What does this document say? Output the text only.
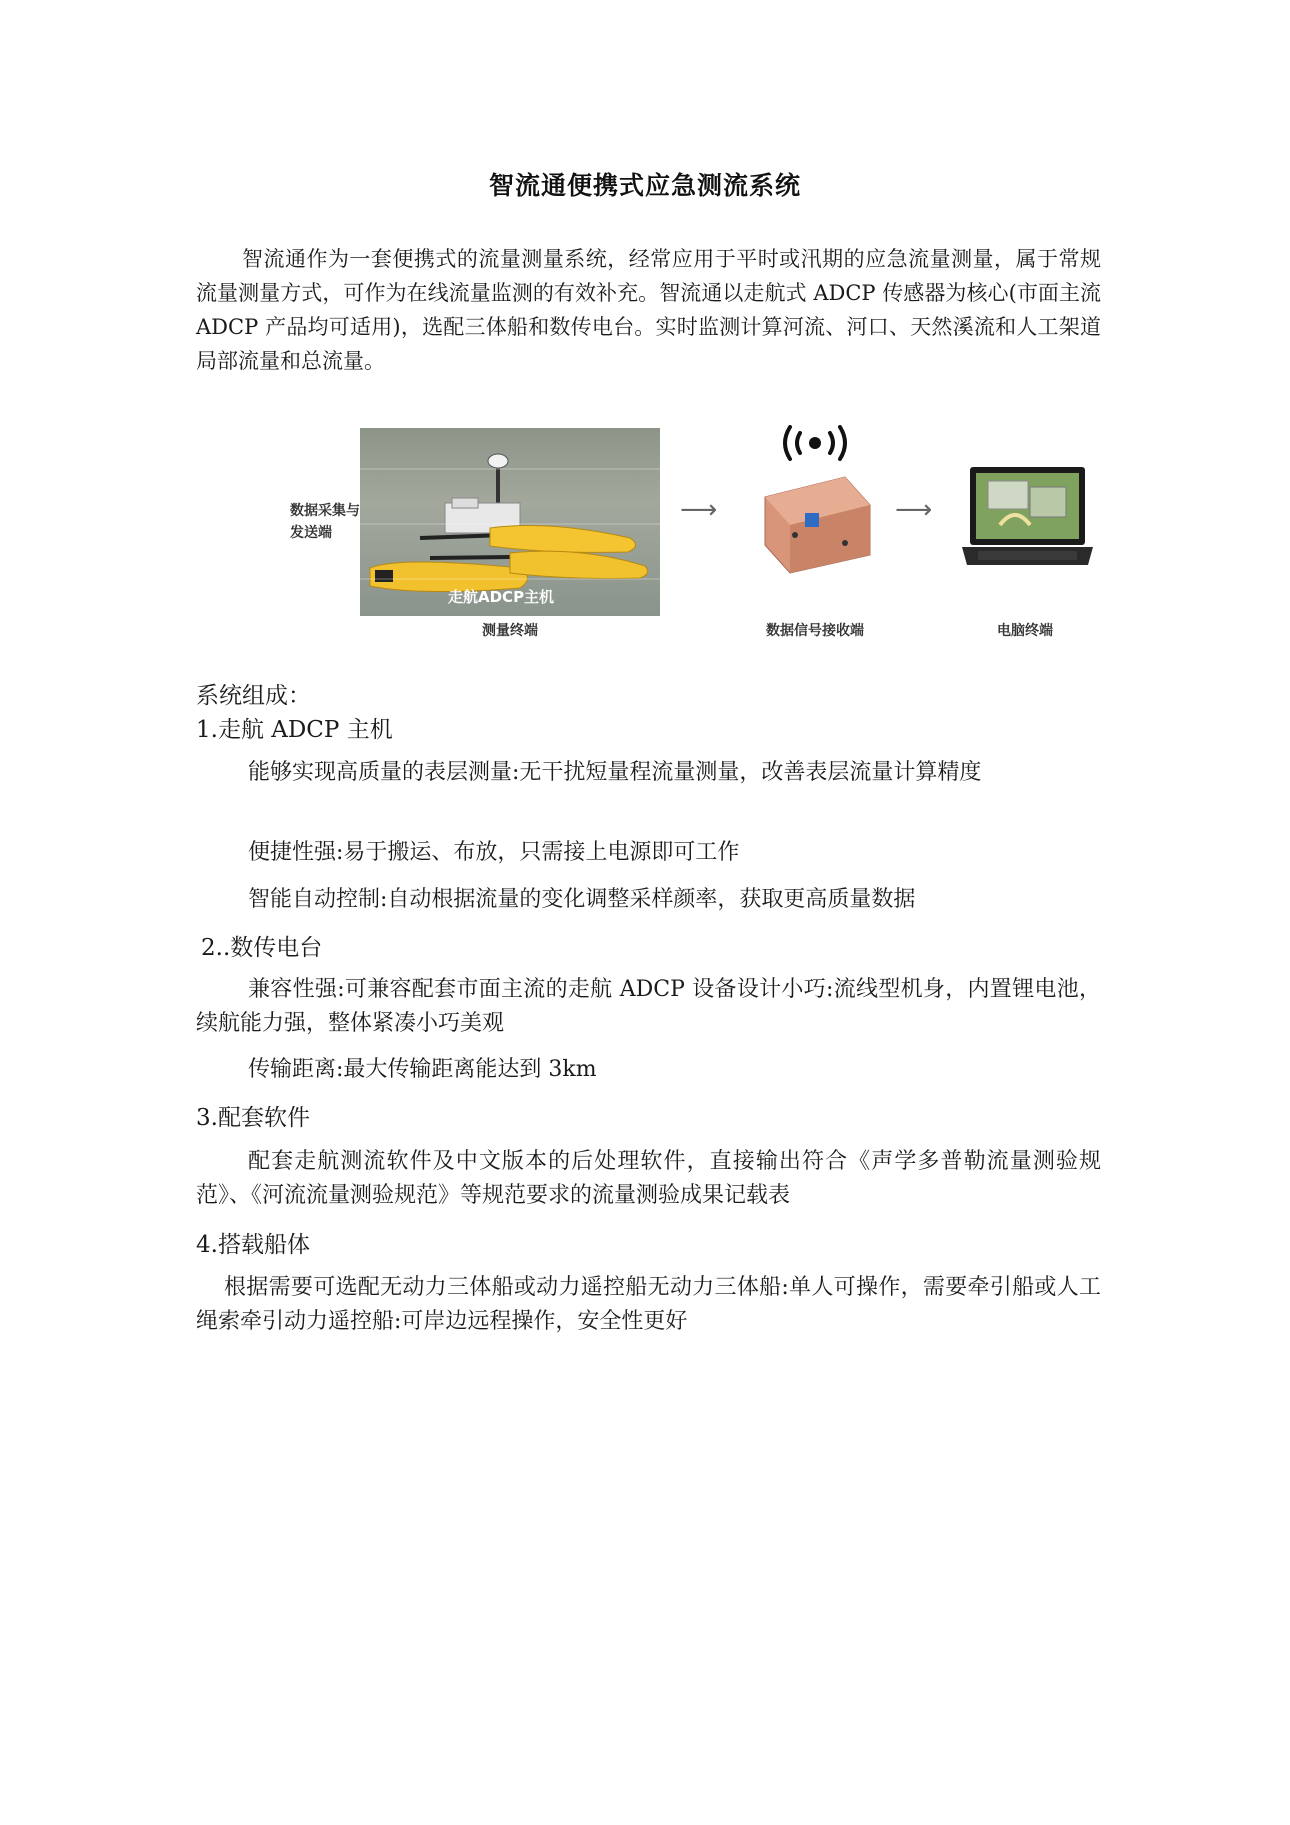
智流通便携式应急测流系统

智流通作为一套便携式的流量测量系统，经常应用于平时或汛期的应急流量测量，属于常规流量测量方式，可作为在线流量监测的有效补充。智流通以走航式 ADCP 传感器为核心(市面主流 ADCP 产品均可适用)，选配三体船和数传电台。实时监测计算河流、河口、天然溪流和人工架道局部流量和总流量。

数据采集与发送端
走航ADCP主机
⟶	⟶
测量终端	数据信号接收端	电脑终端
系统组成：
1.走航 ADCP 主机

能够实现高质量的表层测量:无干扰短量程流量测量，改善表层流量计算精度

便捷性强:易于搬运、布放，只需接上电源即可工作

智能自动控制:自动根据流量的变化调整采样颜率，获取更高质量数据

2..数传电台

兼容性强:可兼容配套市面主流的走航 ADCP 设备设计小巧:流线型机身，内置锂电池，续航能力强，整体紧凑小巧美观

传输距离:最大传输距离能达到 3km

3.配套软件

配套走航测流软件及中文版本的后处理软件，直接输出符合《声学多普勒流量测验规范》、《河流流量测验规范》等规范要求的流量测验成果记载表

4.搭载船体

根据需要可选配无动力三体船或动力遥控船无动力三体船:单人可操作，需要牵引船或人工绳索牵引动力遥控船:可岸边远程操作，安全性更好
